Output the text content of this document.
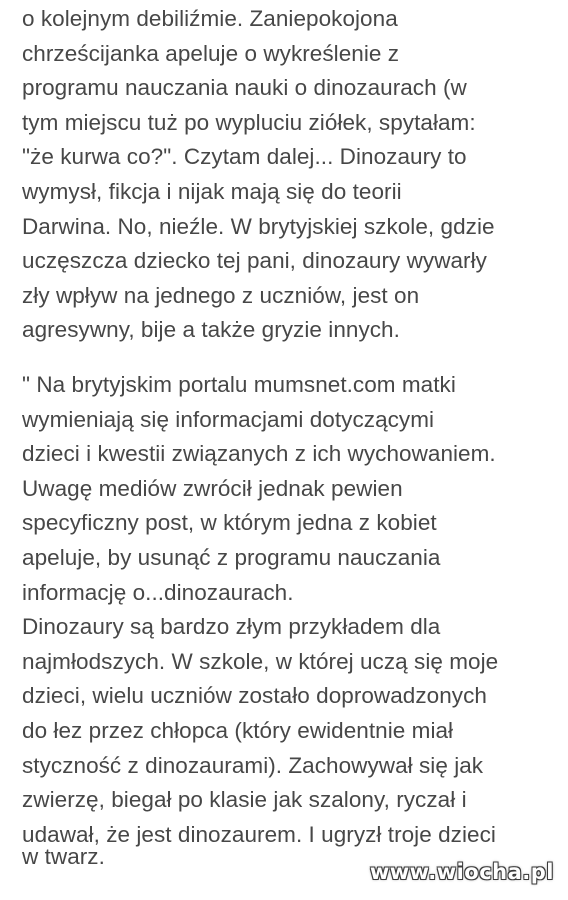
o kolejnym debiliźmie. Zaniepokojona
chrześcijanka apeluje o wykreślenie z
programu nauczania nauki o dinozaurach (w
tym miejscu tuż po wypluciu ziółek, spytałam:
"że kurwa co?". Czytam dalej... Dinozaury to
wymysł, fikcja i nijak mają się do teorii
Darwina. No, nieźle. W brytyjskiej szkole, gdzie
uczęszcza dziecko tej pani, dinozaury wywarły
zły wpływ na jednego z uczniów, jest on
agresywny, bije a także gryzie innych.
" Na brytyjskim portalu mumsnet.com matki
wymieniają się informacjami dotyczącymi
dzieci i kwestii związanych z ich wychowaniem.
Uwagę mediów zwrócił jednak pewien
specyficzny post, w którym jedna z kobiet
apeluje, by usunąć z programu nauczania
informację o...dinozaurach.
Dinozaury są bardzo złym przykładem dla
najmłodszych. W szkole, w której uczą się moje
dzieci, wielu uczniów zostało doprowadzonych
do łez przez chłopca (który ewidentnie miał
styczność z dinozaurami). Zachowywał się jak
zwierzę, biegał po klasie jak szalony, ryczał i
udawał, że jest dinozaurem. I ugryzł troje dzieci
www.wiocha.pl
w twarz.
